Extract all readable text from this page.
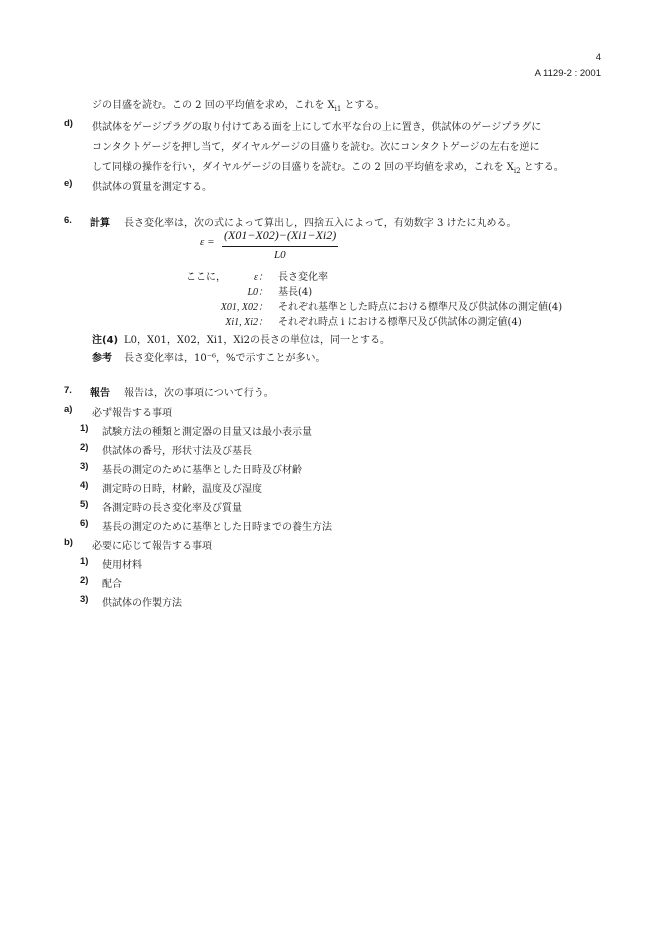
4
A 1129-2 : 2001
ジの目盛を読む。この 2 回の平均値を求め，これを $X_{i1}$ とする。
d) 供試体をゲージプラグの取り付けてある面を上にして水平な台の上に置き，供試体のゲージプラグに
コンタクトゲージを押し当て，ダイヤルゲージの目盛りを読む。次にコンタクトゲージの左右を逆に
して同様の操作を行い，ダイヤルゲージの目盛りを読む。この 2 回の平均値を求め，これを $X_{i2}$ とする。
e) 供試体の質量を測定する。
6. 計算 長さ変化率は，次の式によって算出し，四捨五入によって，有効数字 3 けたに丸める。
ε = (X01−X02)−(Xi1−Xi2)
L0
ここに，	ε： 長さ変化率
L0： 基長(4)
X01, X02： それぞれ基準とした時点における標準尺及び供試体の測定値(4)
Xi1, Xi2： それぞれ時点 i における標準尺及び供試体の測定値(4)
注(4) L0，X01，X02，Xi1，Xi2の長さの単位は，同一とする。
参考 長さ変化率は，10⁻⁶，%で示すことが多い。
7. 報告 報告は，次の事項について行う。
a) 必ず報告する事項
1) 試験方法の種類と測定器の目量又は最小表示量
2) 供試体の番号，形状寸法及び基長
3) 基長の測定のために基準とした日時及び材齢
4) 測定時の日時，材齢，温度及び湿度
5) 各測定時の長さ変化率及び質量
6) 基長の測定のために基準とした日時までの養生方法
b) 必要に応じて報告する事項
1) 使用材料
2) 配合
3) 供試体の作製方法
